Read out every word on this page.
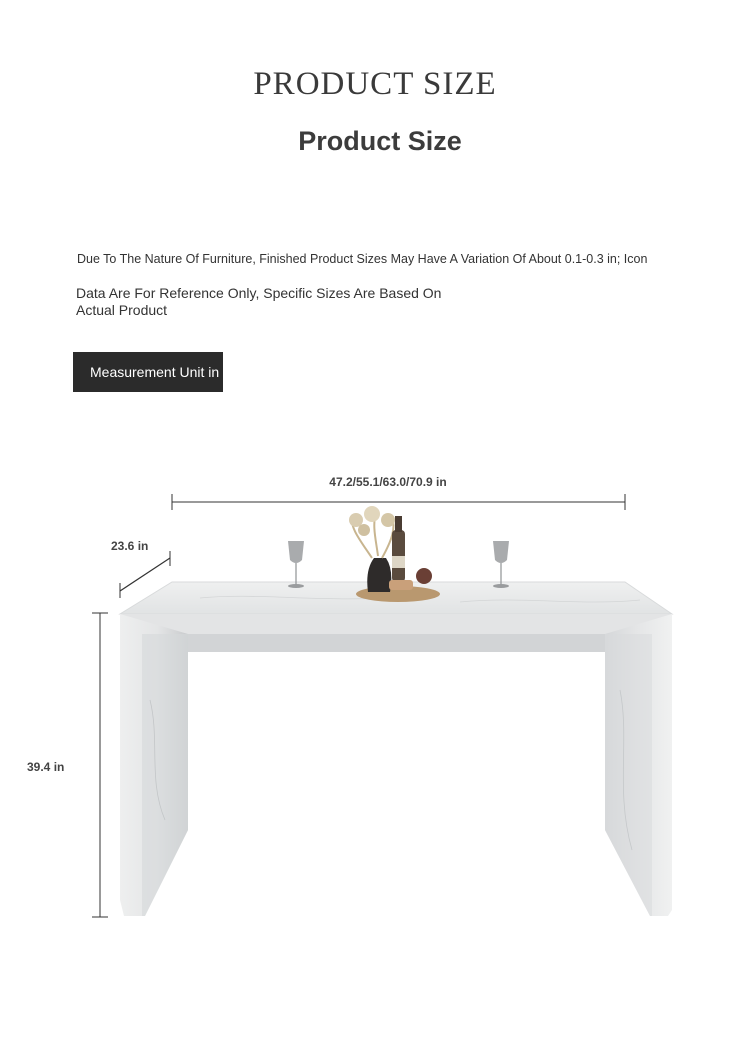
PRODUCT SIZE
Product Size
Due To The Nature Of Furniture, Finished Product Sizes May Have A Variation Of About 0.1-0.3 in; Icon
Data Are For Reference Only, Specific Sizes Are Based On Actual Product
Measurement Unit in
47.2/55.1/63.0/70.9 in
23.6 in
39.4 in
